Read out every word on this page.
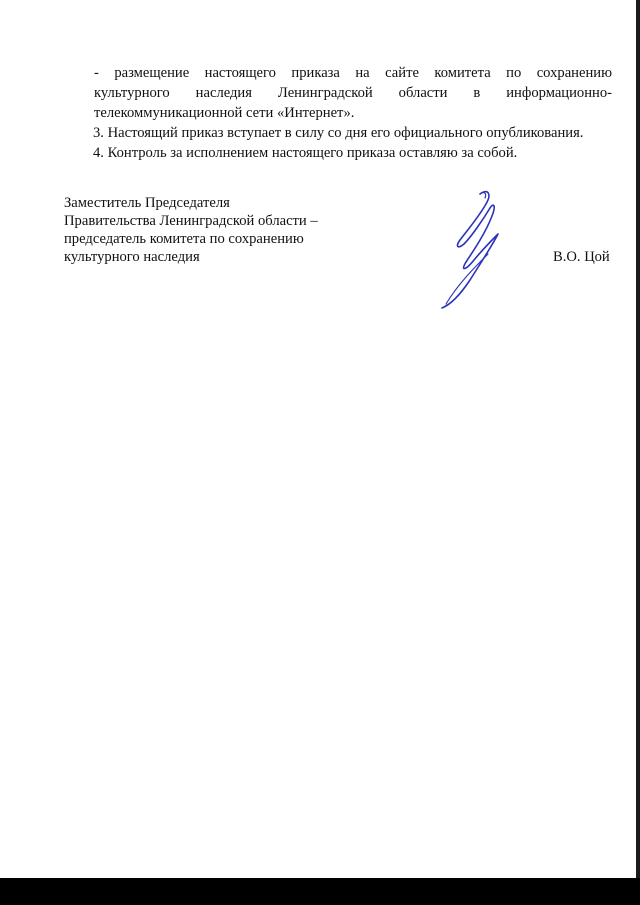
- размещение настоящего приказа на сайте комитета по сохранению
культурного наследия Ленинградской области в информационно-
телекоммуникационной сети «Интернет».

3. Настоящий приказ вступает в силу со дня его официального опубликования.

4. Контроль за исполнением настоящего приказа оставляю за собой.

Заместитель Председателя
Правительства Ленинградской области –
председатель комитета по сохранению
культурного наследия	В.О. Цой
